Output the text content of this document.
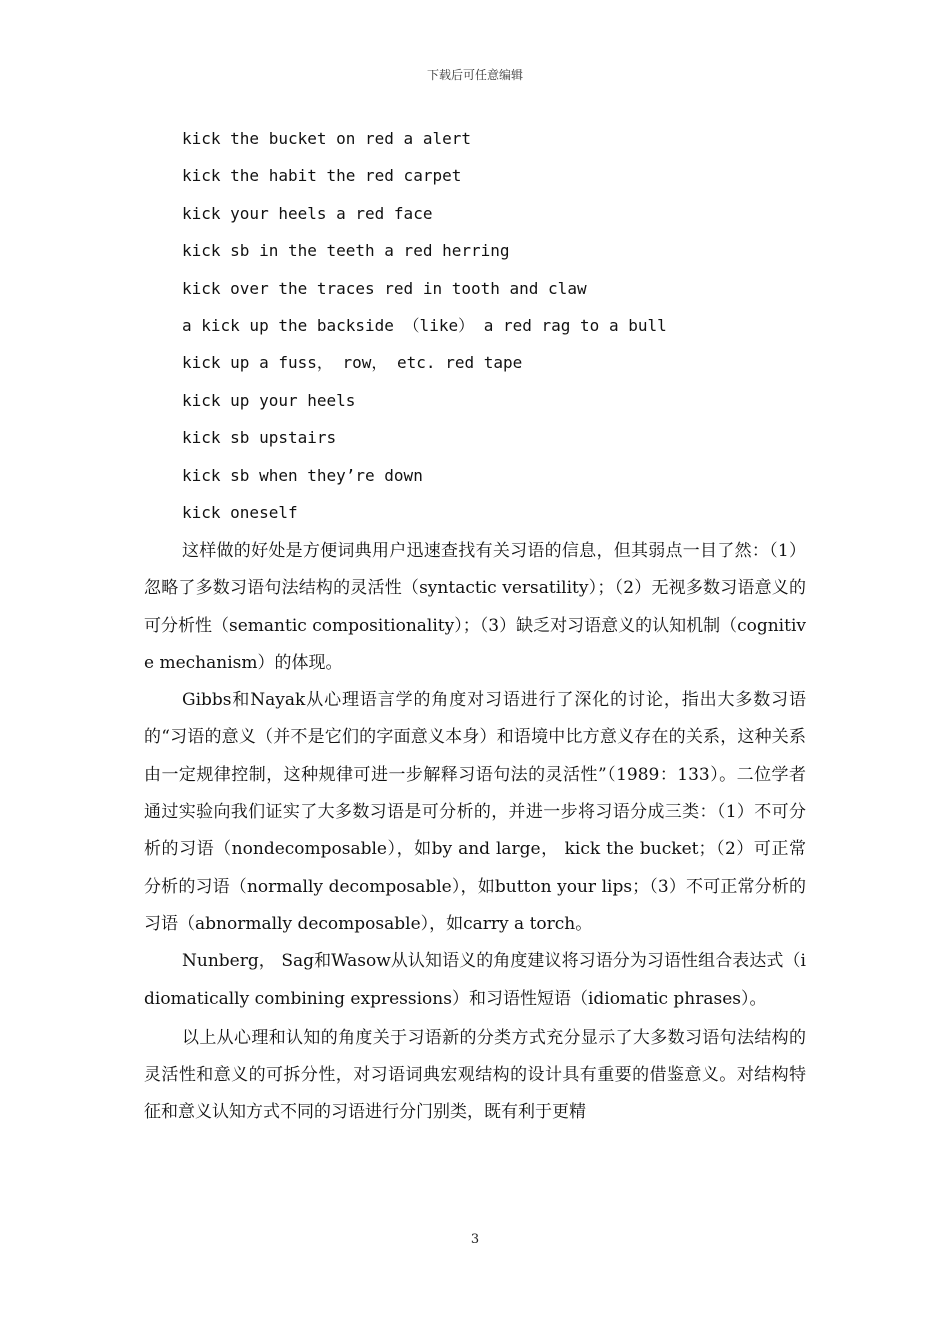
下载后可任意编辑
kick the bucket on red a alert
kick the habit the red carpet
kick your heels a red face
kick sb in the teeth a red herring
kick over the traces red in tooth and claw
a kick up the backside （like） a red rag to a bull
kick up a fuss， row， etc. red tape
kick up your heels
kick sb upstairs
kick sb when they’re down
kick oneself

这样做的好处是方便词典用户迅速查找有关习语的信息，但其弱点一目了然：（1）忽略了多数习语句法结构的灵活性（syntactic versatility）；（2）无视多数习语意义的可分析性（semantic compositionality）；（3）缺乏对习语意义的认知机制（cognitive mechanism）的体现。

Gibbs和Nayak从心理语言学的角度对习语进行了深化的讨论，指出大多数习语的“习语的意义（并不是它们的字面意义本身）和语境中比方意义存在的关系，这种关系由一定规律控制，这种规律可进一步解释习语句法的灵活性”（1989：133）。二位学者通过实验向我们证实了大多数习语是可分析的，并进一步将习语分成三类：（1）不可分析的习语（nondecomposable），如by and large， kick the bucket；（2）可正常分析的习语（normally decomposable），如button your lips；（3）不可正常分析的习语（abnormally decomposable），如carry a torch。

Nunberg， Sag和Wasow从认知语义的角度建议将习语分为习语性组合表达式（idiomatically combining expressions）和习语性短语（idiomatic phrases）。

以上从心理和认知的角度关于习语新的分类方式充分显示了大多数习语句法结构的灵活性和意义的可拆分性，对习语词典宏观结构的设计具有重要的借鉴意义。对结构特征和意义认知方式不同的习语进行分门别类，既有利于更精

3
